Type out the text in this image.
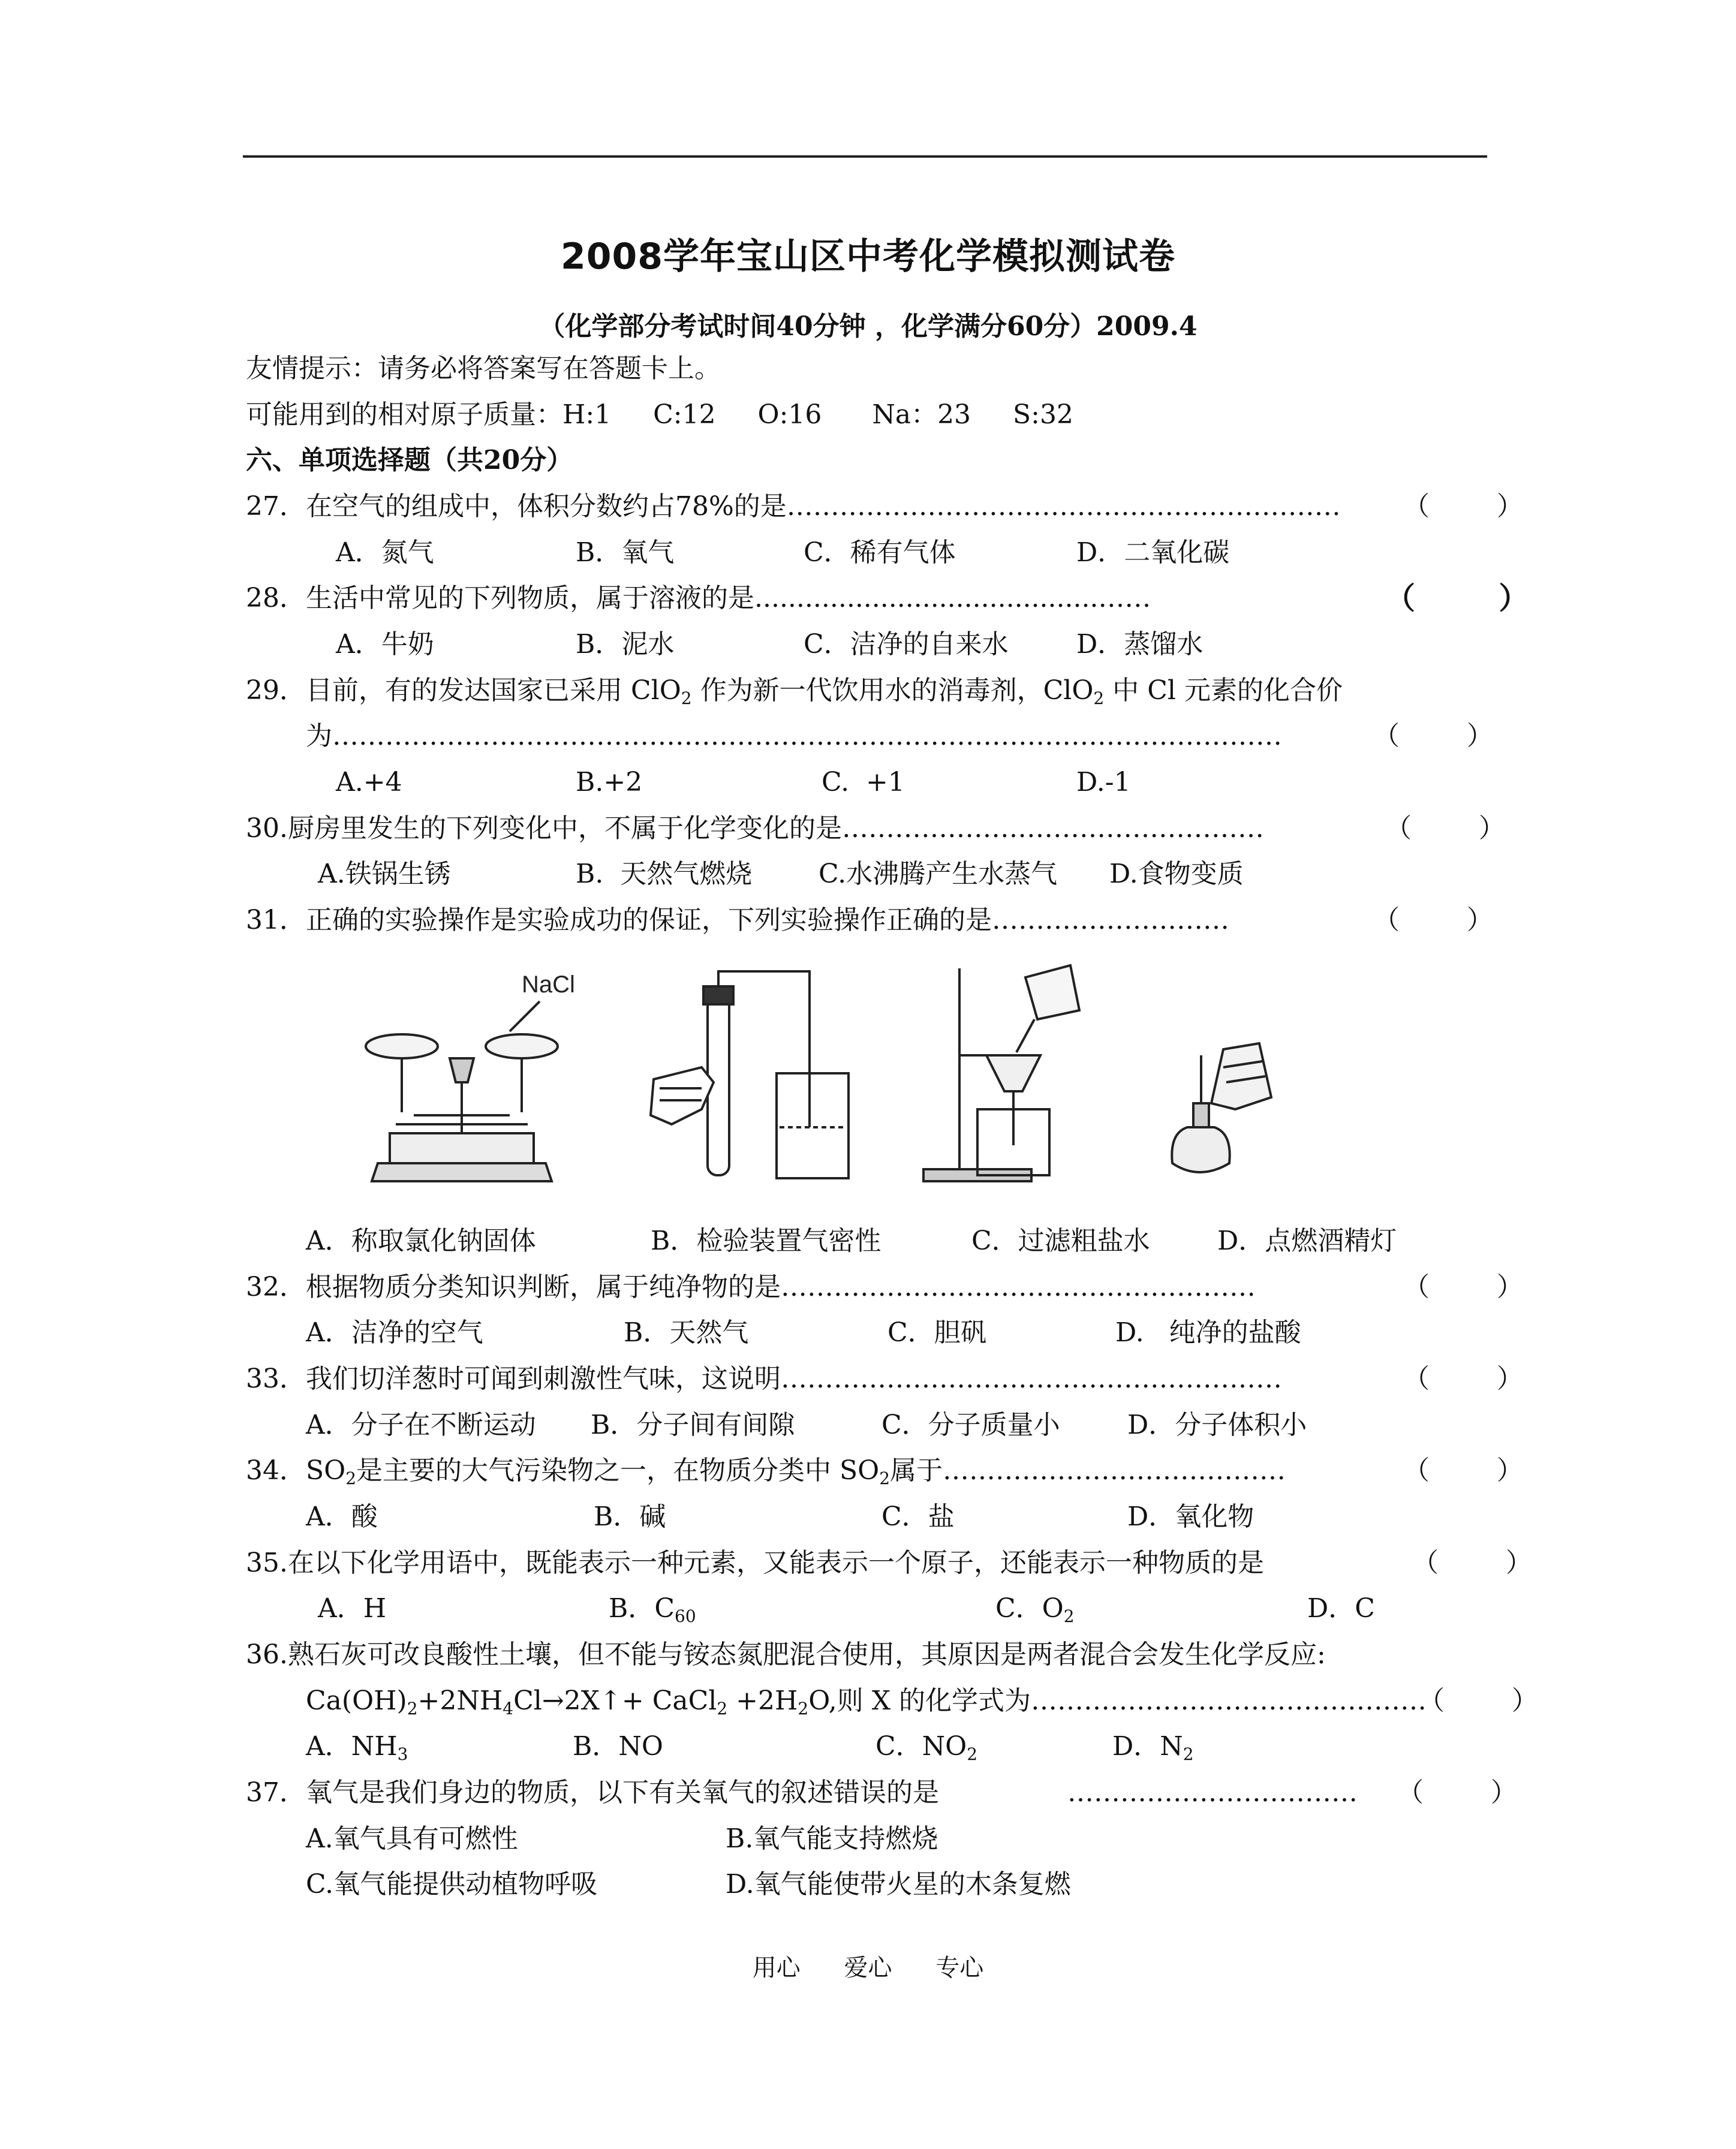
2008学年宝山区中考化学模拟测试卷
（化学部分考试时间40分钟 ，化学满分60分）2009.4
友情提示：请务必将答案写在答题卡上。
可能用到的相对原子质量：H:1     C:12     O:16      Na：23     S:32
六、单项选择题（共20分）
27．在空气的组成中，体积分数约占78%的是……………………………………………………… （        ）
A．氮气	B．氧气	C．稀有气体	D．二氧化碳
28．生活中常见的下列物质，属于溶液的是.........................................……	（        ）
A．牛奶	B．泥水	C．洁净的自来水	D．蒸馏水
29．目前，有的发达国家已采用 ClO$_2$ 作为新一代饮用水的消毒剂，ClO$_2$ 中 Cl 元素的化合价
为………………………………………………………………………………………………	（        ）
A.+4	B.+2	C.  +1	D.-1
30.厨房里发生的下列变化中，不属于化学变化的是…………………………………………	（        ）
A.铁锅生锈	B.  天然气燃烧	C.水沸腾产生水蒸气 D.食物变质
31．正确的实验操作是实验成功的保证，下列实验操作正确的是………………………	（        ）
NaCl
A．称取氯化钠固体	B．检验装置气密性	C．过滤粗盐水	D．点燃酒精灯
32．根据物质分类知识判断，属于纯净物的是………………………………………………	（        ）
A．洁净的空气	B．天然气	C．胆矾	D.   纯净的盐酸
33．我们切洋葱时可闻到刺激性气味，这说明…………………………………………………	（        ）
A．分子在不断运动 B．分子间有间隙	C．分子质量小	D．分子体积小
34．$SO_2$是主要的大气污染物之一，在物质分类中 $SO_2$属于…………………………………	（        ）
A．酸	B．碱	C．盐	D．氧化物
35.在以下化学用语中，既能表示一种元素，又能表示一个原子，还能表示一种物质的是	（        ）
A．H	B．$C_{60}$	C．$O_2$	D．C
36.熟石灰可改良酸性土壤，但不能与铵态氮肥混合使用，其原因是两者混合会发生化学反应:
$Ca(OH)_2+2NH_4Cl\to 2X↑+$ CaCl$_2$ $+2H_2O$,则 X 的化学式为………………………………………
（        ）
A．$NH_3$	B．NO	C．$NO_2$	D．$N_2$
37．氧气是我们身边的物质，以下有关氧气的叙述错误的是	…………………………… （        ）
A.氧气具有可燃性	B.氧气能支持燃烧
C.氧气能提供动植物呼吸	D.氧气能使带火星的木条复燃
用心 爱心 专心
